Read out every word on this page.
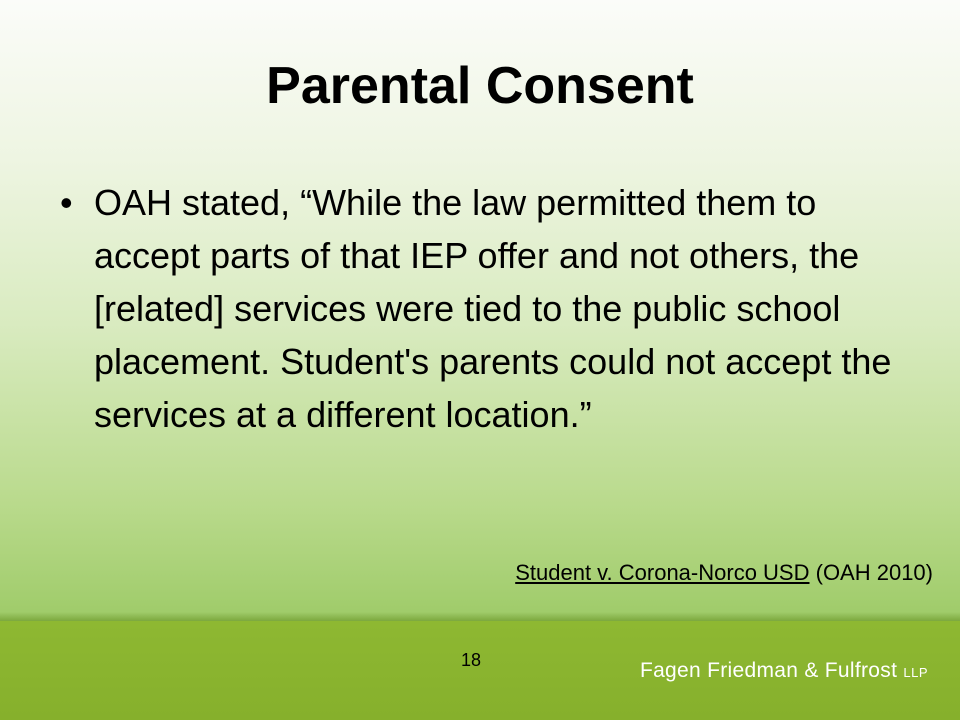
Parental Consent
• OAH stated, “While the law permitted them to accept parts of that IEP offer and not others, the [related] services were tied to the public school placement. Student's parents could not accept the services at a different location.”

Student v. Corona-Norco USD (OAH 2010)
18	Fagen Friedman & Fulfrost LLP
